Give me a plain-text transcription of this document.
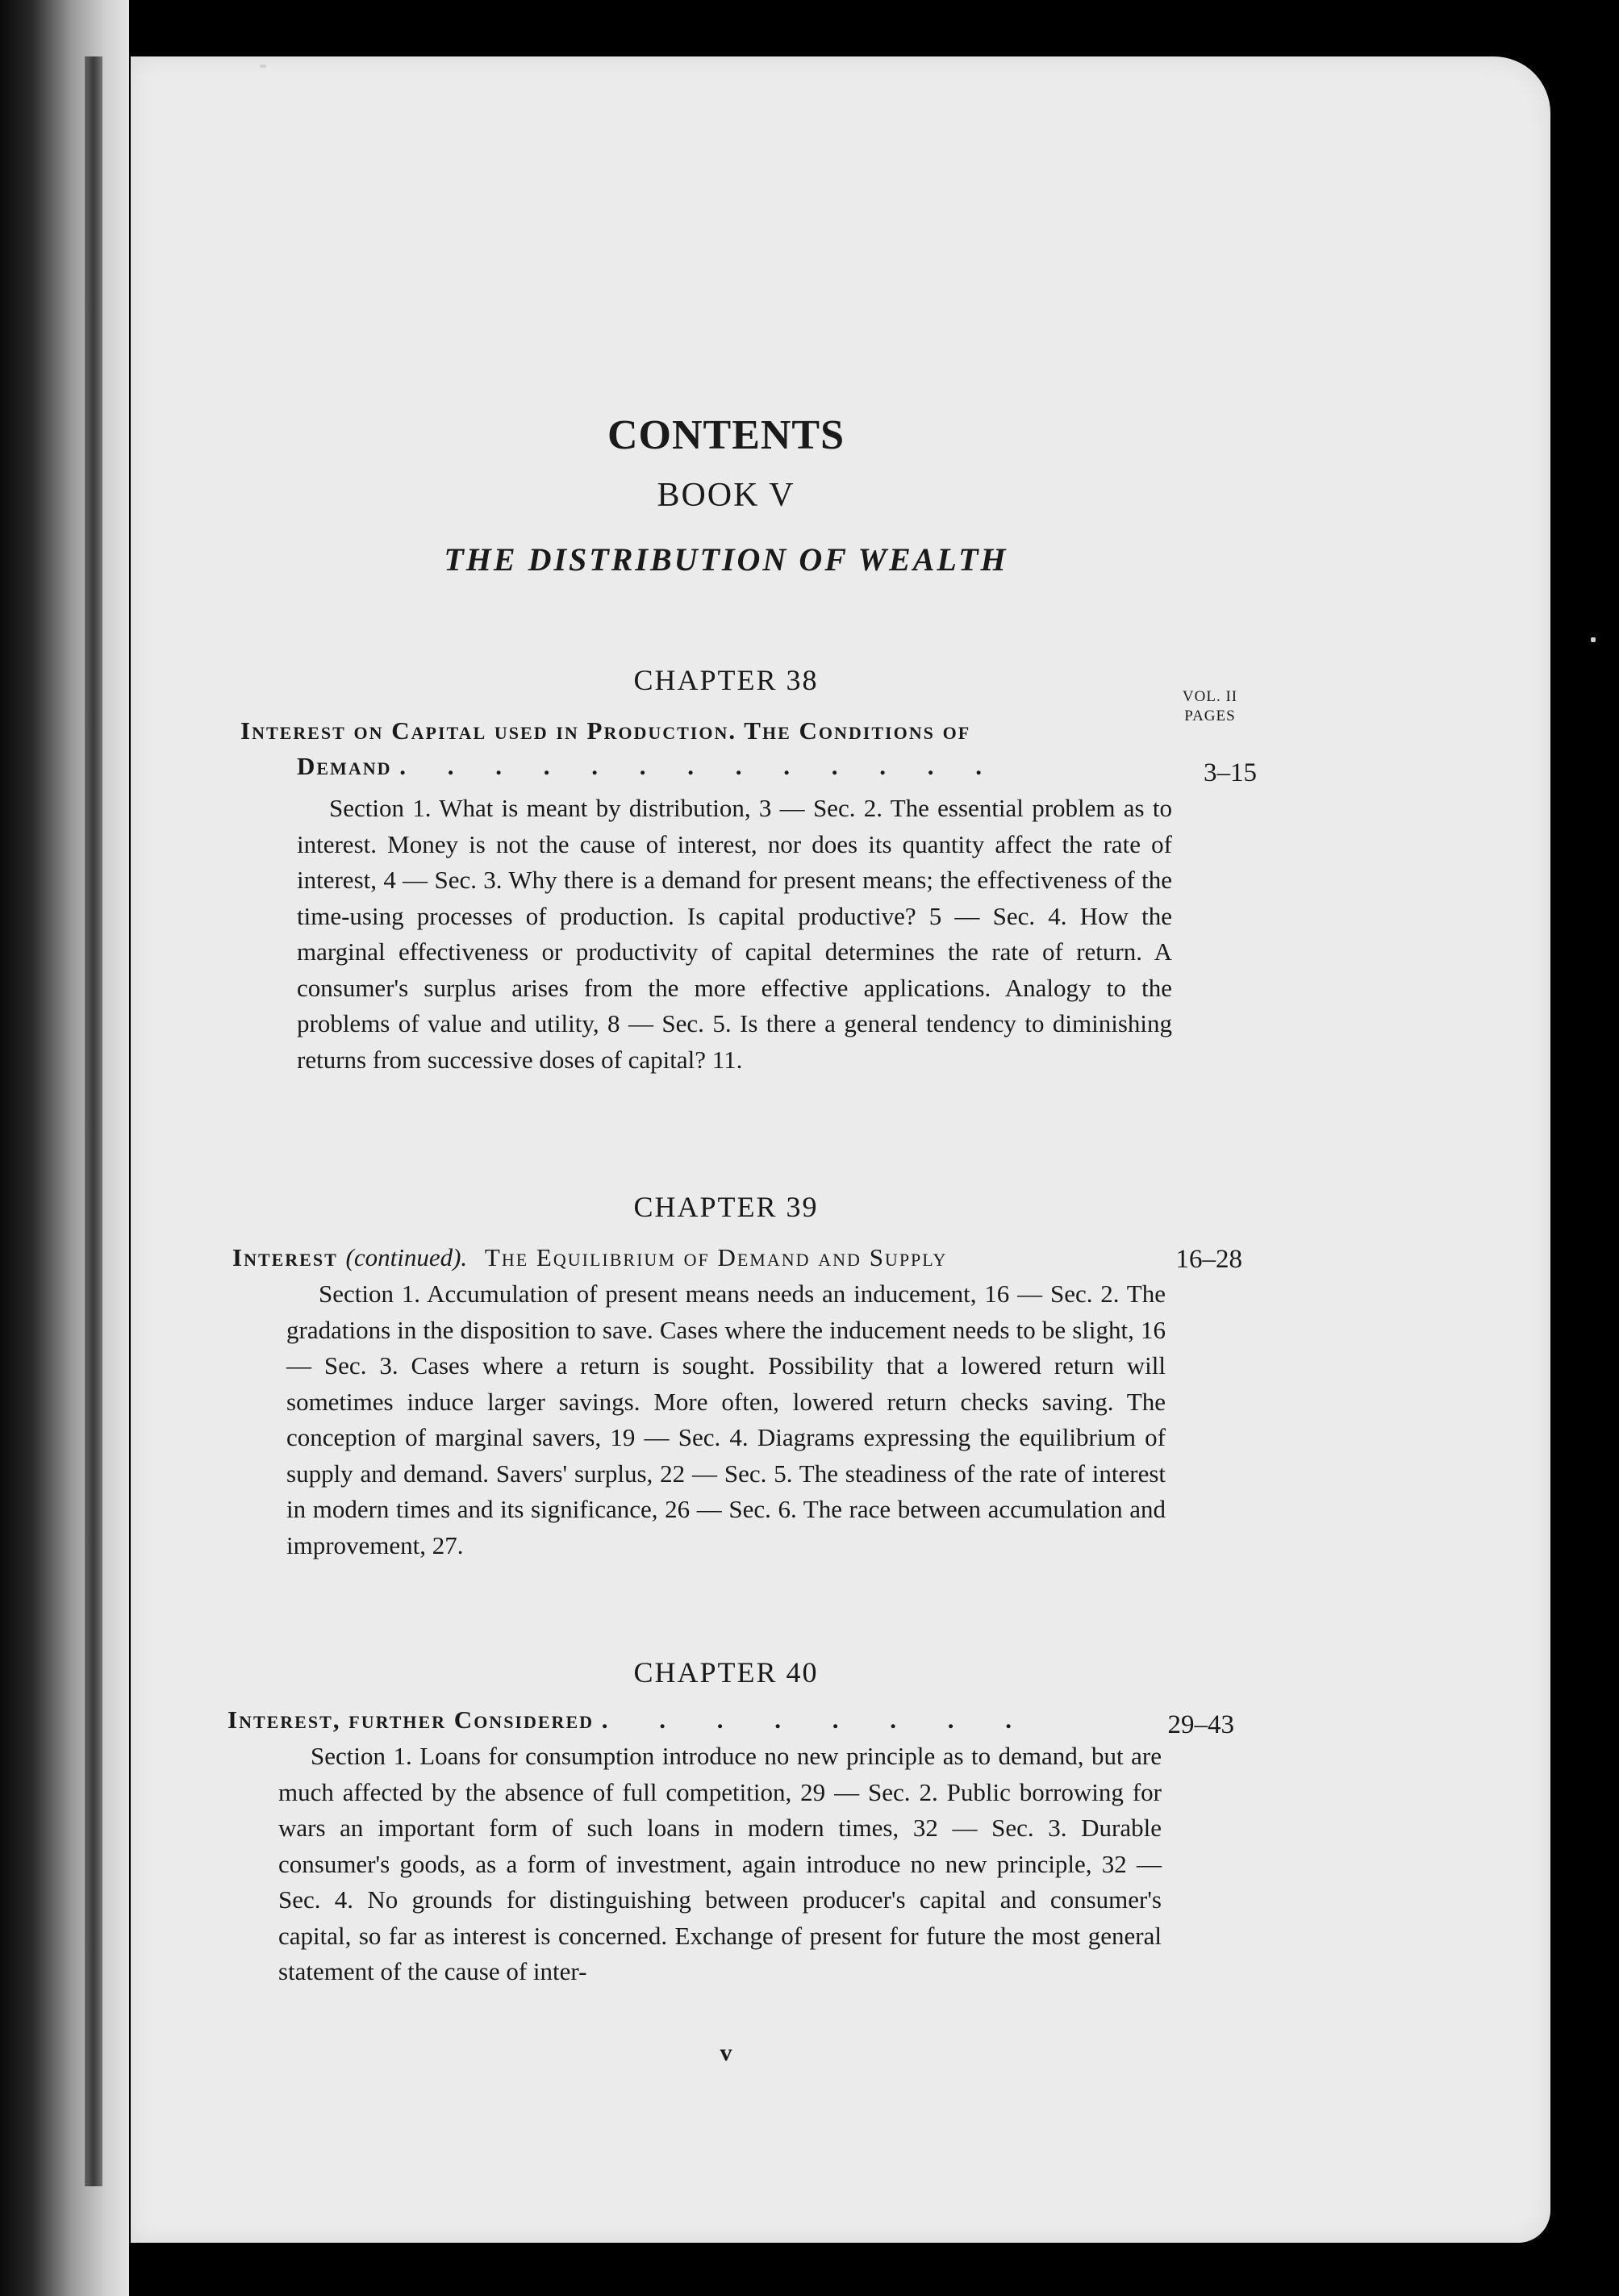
CONTENTS
BOOK V
THE DISTRIBUTION OF WEALTH
CHAPTER 38
VOL. II
PAGES
Interest on Capital used in Production. The Conditions of
Demand . . . . . . . . . . . . .	3–15

Section 1. What is meant by distribution, 3 — Sec. 2. The essential problem as to interest. Money is not the cause of interest, nor does its quantity affect the rate of interest, 4 — Sec. 3. Why there is a demand for present means; the effectiveness of the time-using processes of production. Is capital productive? 5 — Sec. 4. How the marginal effectiveness or productivity of capital determines the rate of return. A consumer's surplus arises from the more effective applications. Analogy to the problems of value and utility, 8 — Sec. 5. Is there a general tendency to diminishing returns from successive doses of capital? 11.

CHAPTER 39
Interest (continued). The Equilibrium of Demand and Supply	16–28

Section 1. Accumulation of present means needs an inducement, 16 — Sec. 2. The gradations in the disposition to save. Cases where the inducement needs to be slight, 16 — Sec. 3. Cases where a return is sought. Possibility that a lowered return will sometimes induce larger savings. More often, lowered return checks saving. The conception of marginal savers, 19 — Sec. 4. Diagrams expressing the equilibrium of supply and demand. Savers' surplus, 22 — Sec. 5. The steadiness of the rate of interest in modern times and its significance, 26 — Sec. 6. The race between accumulation and improvement, 27.

CHAPTER 40
Interest, further Considered . . . . . . . .	29–43

Section 1. Loans for consumption introduce no new principle as to demand, but are much affected by the absence of full competition, 29 — Sec. 2. Public borrowing for wars an important form of such loans in modern times, 32 — Sec. 3. Durable consumer's goods, as a form of investment, again introduce no new principle, 32 — Sec. 4. No grounds for distinguishing between producer's capital and consumer's capital, so far as interest is concerned. Exchange of present for future the most general statement of the cause of inter-

v
